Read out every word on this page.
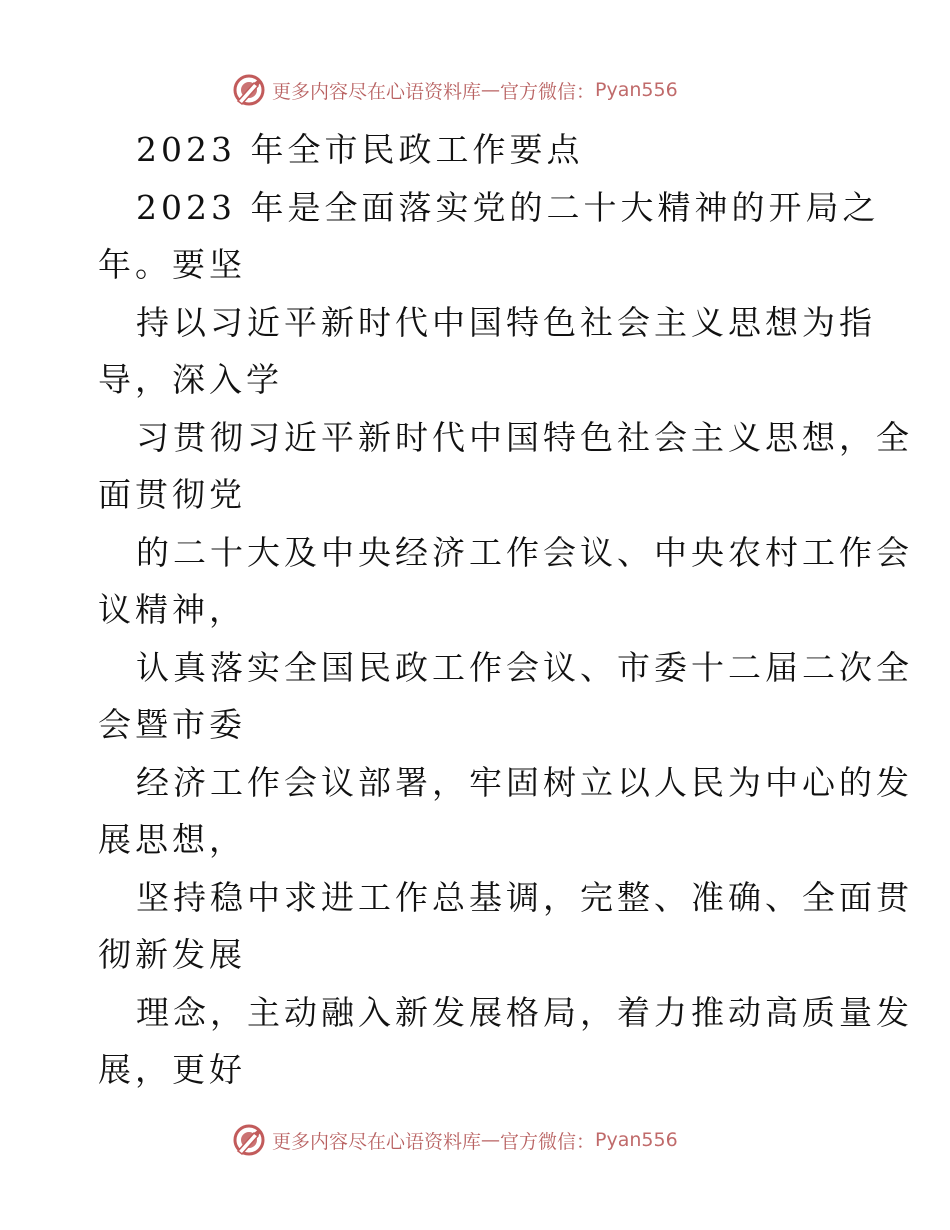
更多内容尽在心语资料库 — 官方微信： Pyan556
2023 年全市民政工作要点
2023 年是全面落实党的二十大精神的开局之
年。要坚
持以习近平新时代中国特色社会主义思想为指
导，深入学
习贯彻习近平新时代中国特色社会主义思想，全
面贯彻党
的二十大及中央经济工作会议、中央农村工作会
议精神，
认真落实全国民政工作会议、市委十二届二次全
会暨市委
经济工作会议部署，牢固树立以人民为中心的发
展思想，
坚持稳中求进工作总基调，完整、准确、全面贯
彻新发展
理念，主动融入新发展格局，着力推动高质量发
展，更好
更多内容尽在心语资料库 — 官方微信： Pyan556
